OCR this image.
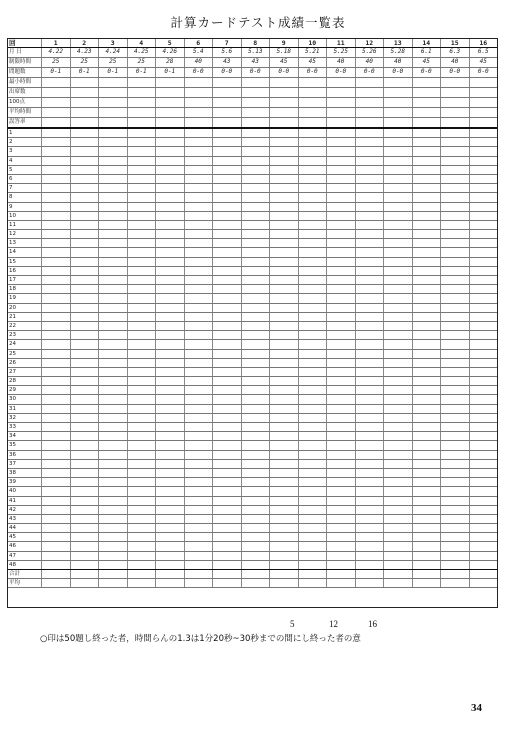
計算カードテスト成績一覧表
回	1	2	3	4	5	6	7	8	9	10	11	12	13	14	15	16
月 日	4.22	4.23	4.24	4.25	4.26	5.4	5.6	5.13	5.18	5.21	5.25	5.26	5.28	6.1	6.3	6.5
制限時間	25	25	25	25	28	40	43	43	45	45	40	40	40	45	40	45
問題数	0-1	0-1	0-1	0-1	0-1	0-0	0-0	0-0	0-0	0-0	0-0	0-0	0-0	0-0	0-0	0-0
最小時間
出席数
100点
平均時間
誤答率
1
2
3
4
5
6
7
8
9
10
11
12
13
14
15
16
17
18
19
20
21
22
23
24
25
26
27
28
29
30
31
32
33
34
35
36
37
38
39
40
41
42
43
44
45
46
47
48
合計
平均
5	12	16
○印は50題し終った者，時間らんの1.3は1分20秒~30秒までの間にし終った者の意
34
